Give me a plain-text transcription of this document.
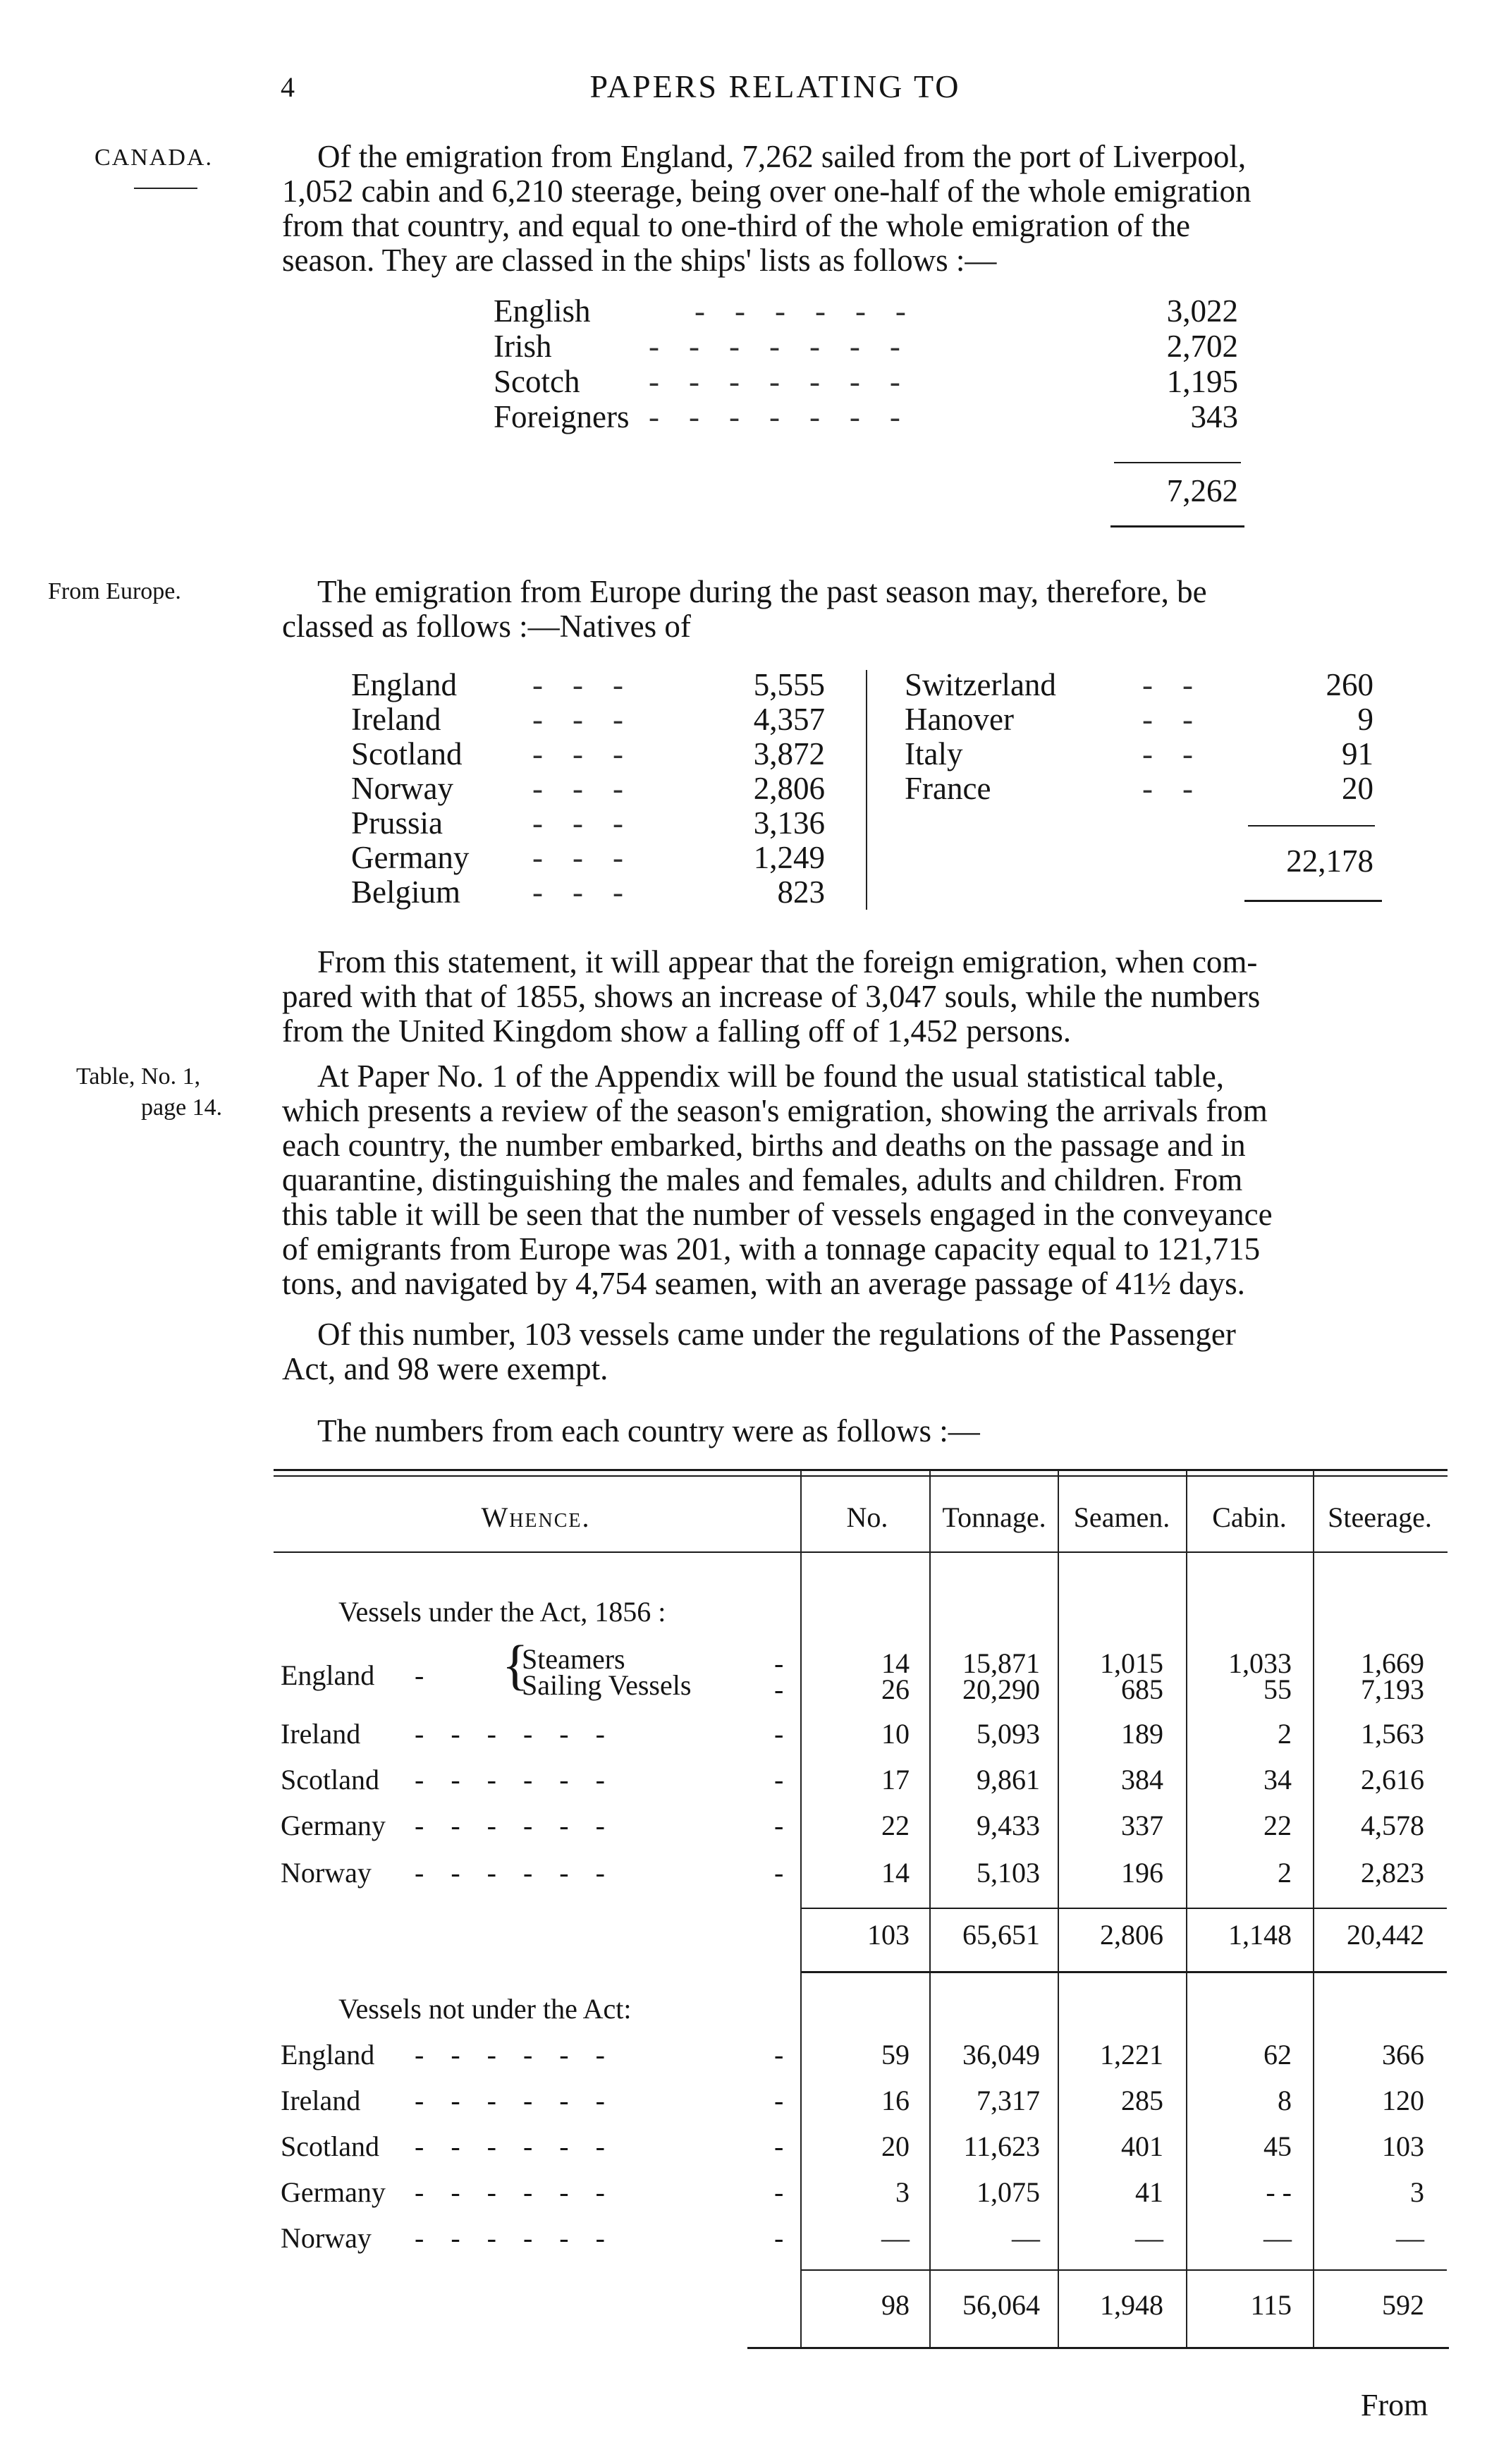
4	PAPERS RELATING TO
CANADA.
From Europe.
Table, No. 1,
page 14.
Of the emigration from England, 7,262 sailed from the port of Liverpool,
1,052 cabin and 6,210 steerage, being over one-half of the whole emigration
from that country, and equal to one-third of the whole emigration of the
season. They are classed in the ships' lists as follows :—
English	------	3,022
Irish	-------	2,702
Scotch -------	1,195
Foreigners -------	343
7,262
The emigration from Europe during the past season may, therefore, be
classed as follows :—Natives of
England ---	5,555
Ireland	---	4,357
Scotland ---	3,872
Norway ---	2,806
Prussia	---	3,136
Germany ---	1,249
Belgium ---	823
Switzerland	--	260
Hanover	--	9
Italy	--	91
France	--	20
22,178
From this statement, it will appear that the foreign emigration, when com-
pared with that of 1855, shows an increase of 3,047 souls, while the numbers
from the United Kingdom show a falling off of 1,452 persons.
At Paper No. 1 of the Appendix will be found the usual statistical table,
which presents a review of the season's emigration, showing the arrivals from
each country, the number embarked, births and deaths on the passage and in
quarantine, distinguishing the males and females, adults and children. From
this table it will be seen that the number of vessels engaged in the conveyance
of emigrants from Europe was 201, with a tonnage capacity equal to 121,715
tons, and navigated by 4,754 seamen, with an average passage of 41½ days.
Of this number, 103 vessels came under the regulations of the Passenger
Act, and 98 were exempt.
The numbers from each country were as follows :—
Whence.	No.	Tonnage. Seamen.	Cabin.	Steerage.
Vessels under the Act, 1856 :
{
England -
Steamers	-	14	15,871	1,015	1,033	1,669
Sailing Vessels	-	26	20,290	685	55	7,193
Ireland - - - - - -	-	10	5,093	189	2	1,563
Scotland - - - - - -	-	17	9,861	384	34	2,616
Germany - - - - - -	-	22	9,433	337	22	4,578
Norway - - - - - -	-	14	5,103	196	2	2,823
103	65,651	2,806	1,148	20,442
Vessels not under the Act:
England - - - - - -	-	59	36,049	1,221	62	366
Ireland - - - - - -	-	16	7,317	285	8	120
Scotland - - - - - -	-	20	11,623	401	45	103
Germany - - - - - -	-	3	1,075	41	- -	3
Norway - - - - - -	-	—	—	—	—	—
98	56,064	1,948	115	592
From
